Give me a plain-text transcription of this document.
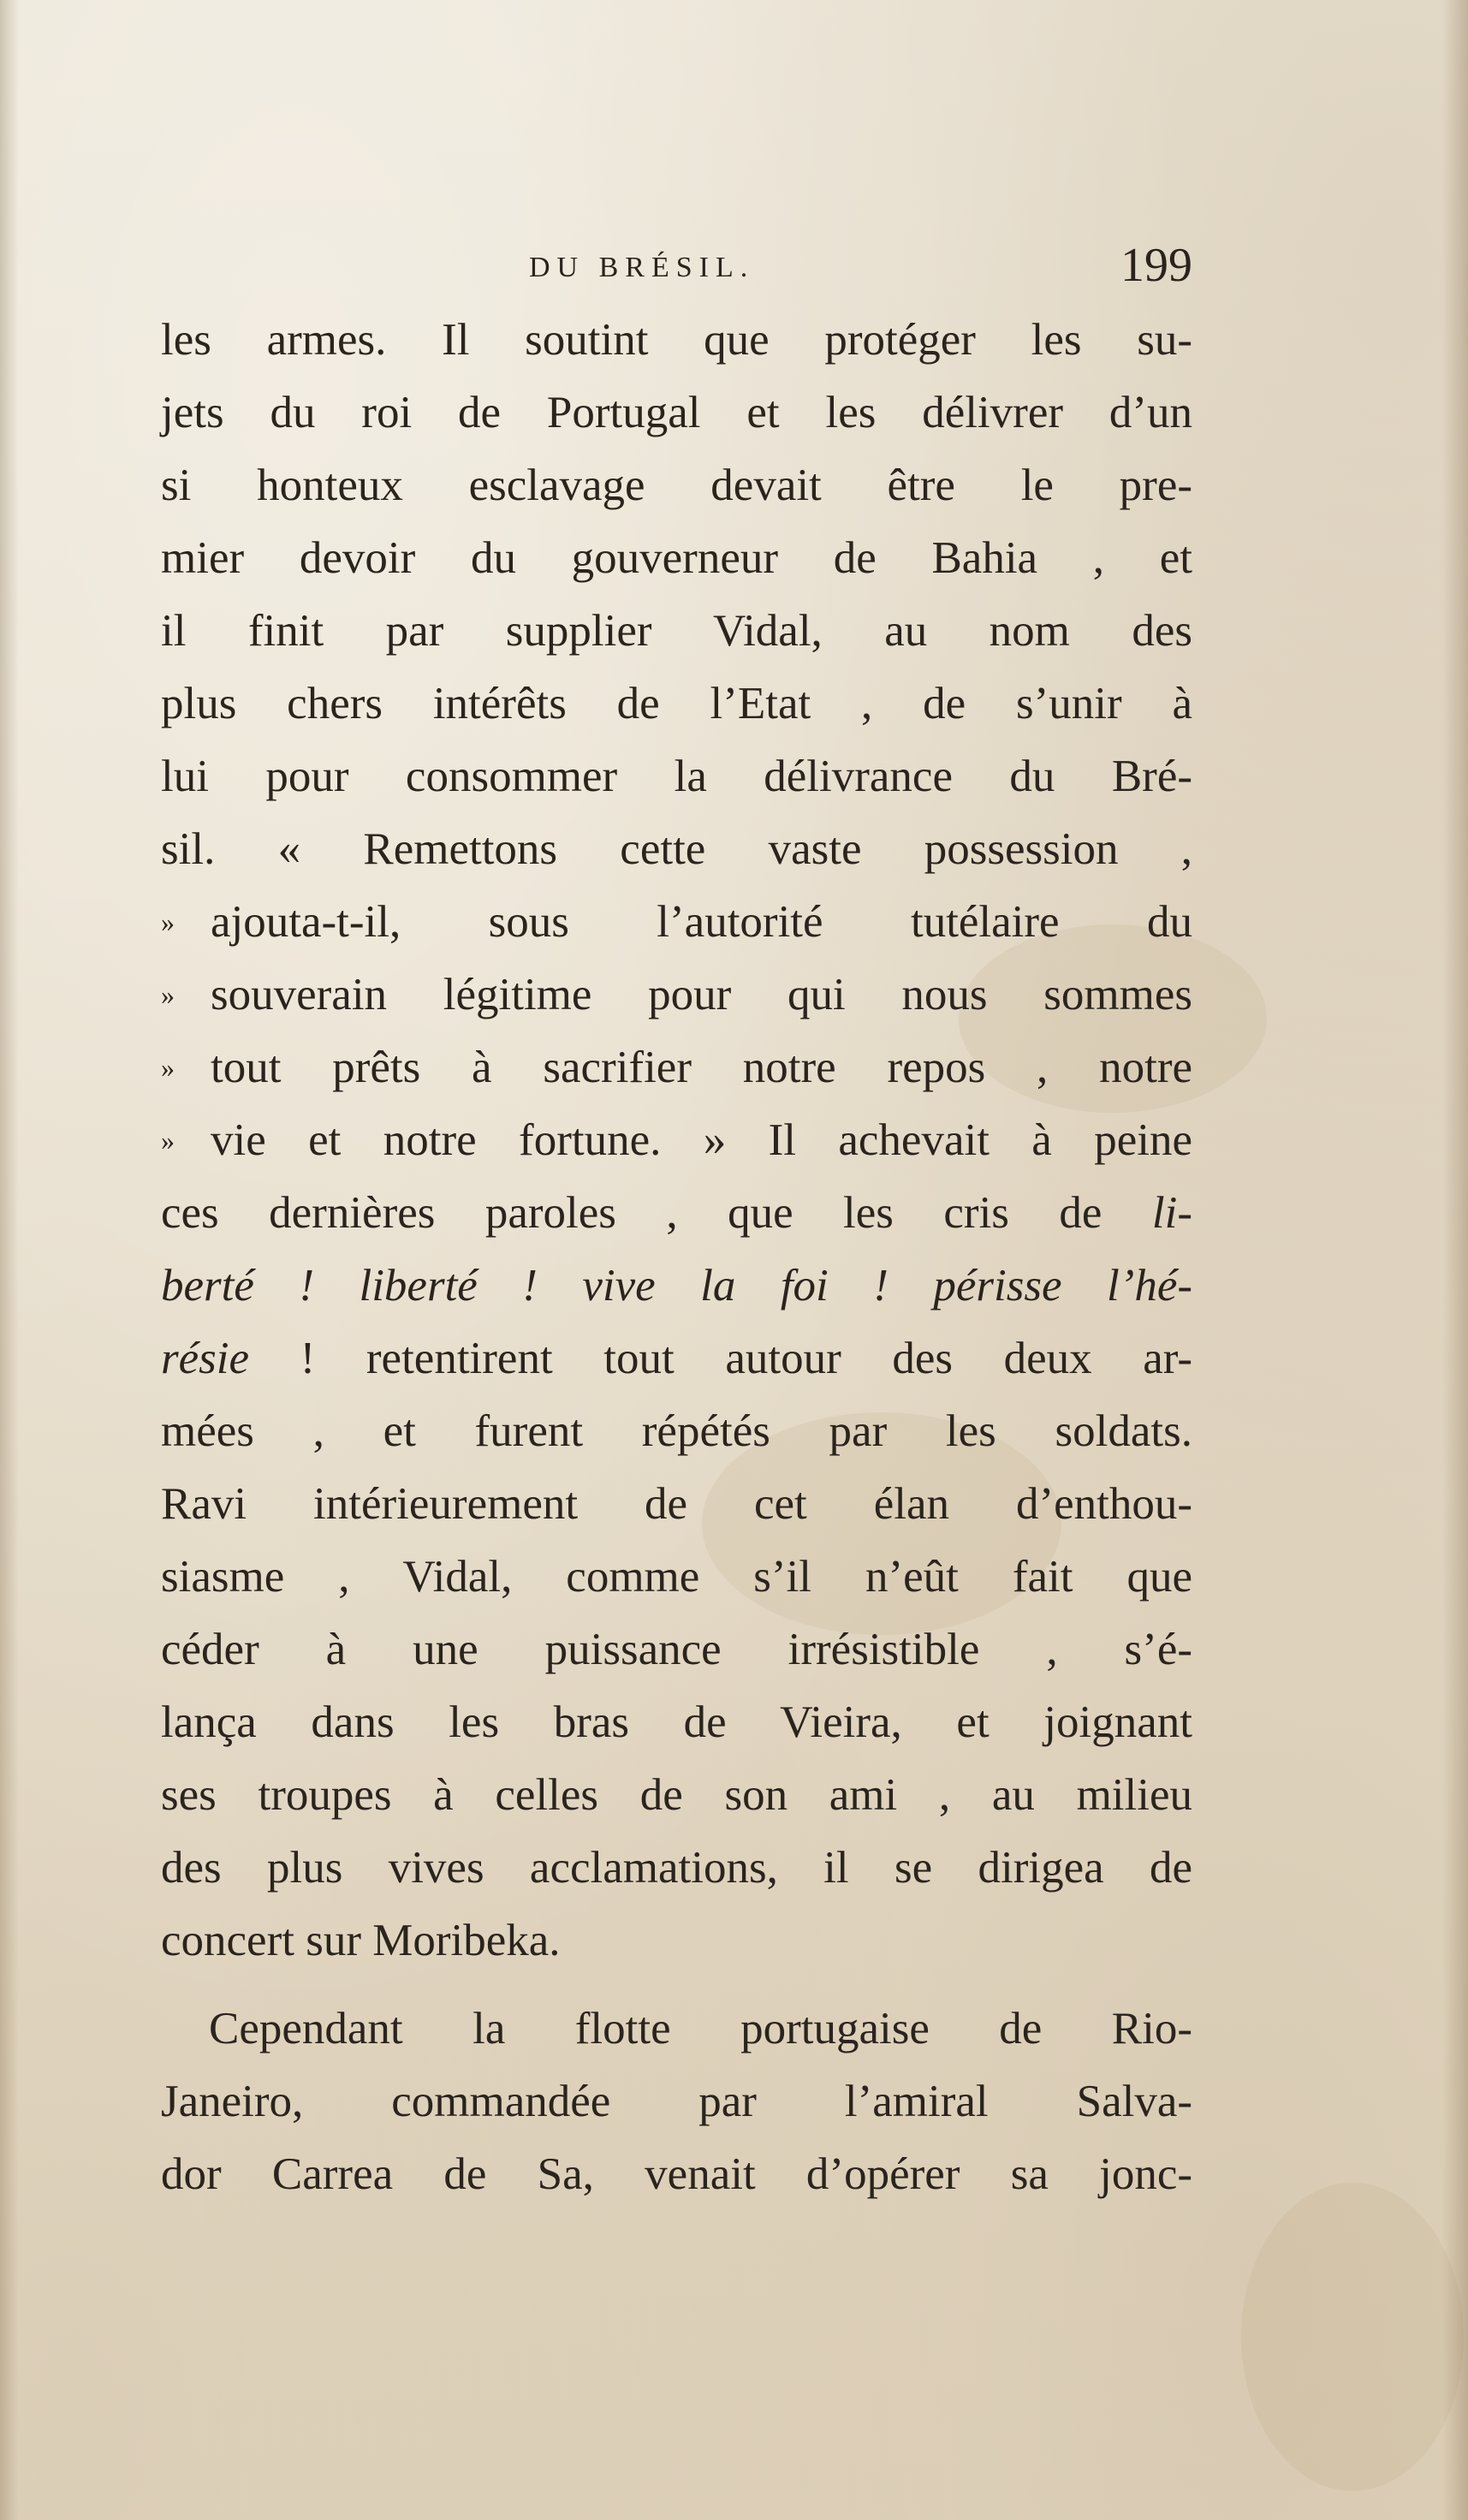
DU BRÉSIL.	199
les armes. Il soutint que protéger les su-
jets du roi de Portugal et les délivrer d’un
si honteux esclavage devait être le pre-
mier devoir du gouverneur de Bahia , et
il finit par supplier Vidal, au nom des
plus chers intérêts de l’Etat , de s’unir à
lui pour consommer la délivrance du Bré-
sil. « Remettons cette vaste possession ,
» ajouta-t-il, sous l’autorité tutélaire du
» souverain légitime pour qui nous sommes
» tout prêts à sacrifier notre repos , notre
» vie et notre fortune. » Il achevait à peine
ces dernières paroles , que les cris de li-
berté ! liberté ! vive la foi ! périsse l’hé-
résie ! retentirent tout autour des deux ar-
mées , et furent répétés par les soldats.
Ravi intérieurement de cet élan d’enthou-
siasme , Vidal, comme s’il n’eût fait que
céder à une puissance irrésistible , s’é-
lança dans les bras de Vieira, et joignant
ses troupes à celles de son ami , au milieu
des plus vives acclamations, il se dirigea de
concert sur Moribeka.
Cependant la flotte portugaise de Rio-
Janeiro, commandée par l’amiral Salva-
dor Carrea de Sa, venait d’opérer sa jonc-
